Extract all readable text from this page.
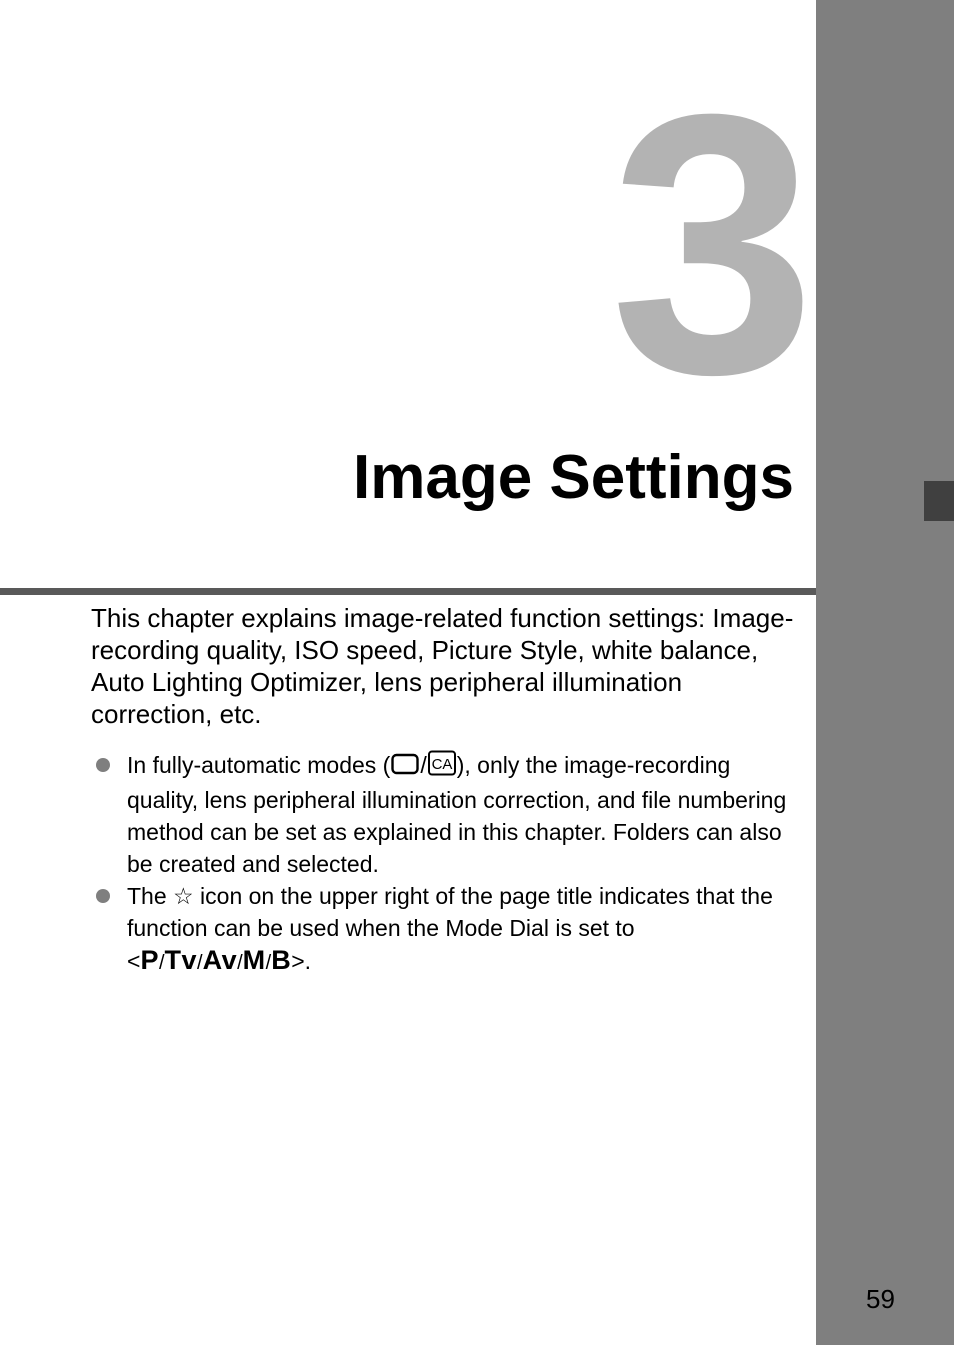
3
Image Settings

This chapter explains image-related function settings: Image-recording quality, ISO speed, Picture Style, white balance, Auto Lighting Optimizer, lens peripheral illumination correction, etc.

In fully-automatic modes ( / CA ), only the image-recording quality, lens peripheral illumination correction, and file numbering method can be set as explained in this chapter. Folders can also be created and selected.
The ☆ icon on the upper right of the page title indicates that the function can be used when the Mode Dial is set to <P/Tv/Av/M/B>.
59
